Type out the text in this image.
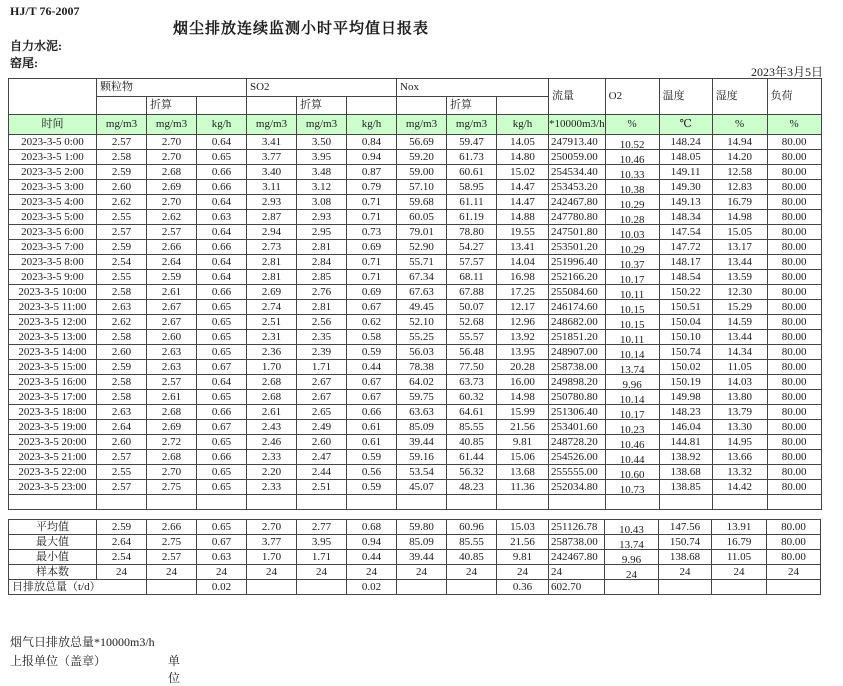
HJ/T 76-2007
烟尘排放连续监测小时平均值日报表
自力水泥:
窑尾:
2023年3月5日
	颗粒物			SO2			Nox			流量	O2	温度	湿度	负荷
		折算			折算			折算						
时间	mg/m3	mg/m3	kg/h	mg/m3	mg/m3	kg/h	mg/m3	mg/m3	kg/h	*10000m3/h	%	℃	%	%
2023-3-5 0:00	2.57	2.70	0.64	3.41	3.50	0.84	56.69	59.47	14.05	247913.40	10.52	148.24	14.94	80.00
2023-3-5 1:00	2.58	2.70	0.65	3.77	3.95	0.94	59.20	61.73	14.80	250059.00	10.46	148.05	14.20	80.00
2023-3-5 2:00	2.59	2.68	0.66	3.40	3.48	0.87	59.00	60.61	15.02	254534.40	10.33	149.11	12.58	80.00
2023-3-5 3:00	2.60	2.69	0.66	3.11	3.12	0.79	57.10	58.95	14.47	253453.20	10.38	149.30	12.83	80.00
2023-3-5 4:00	2.62	2.70	0.64	2.93	3.08	0.71	59.68	61.11	14.47	242467.80	10.29	149.13	16.79	80.00
2023-3-5 5:00	2.55	2.62	0.63	2.87	2.93	0.71	60.05	61.19	14.88	247780.80	10.28	148.34	14.98	80.00
2023-3-5 6:00	2.57	2.57	0.64	2.94	2.95	0.73	79.01	78.80	19.55	247501.80	10.03	147.54	15.05	80.00
2023-3-5 7:00	2.59	2.66	0.66	2.73	2.81	0.69	52.90	54.27	13.41	253501.20	10.29	147.72	13.17	80.00
2023-3-5 8:00	2.54	2.64	0.64	2.81	2.84	0.71	55.71	57.57	14.04	251996.40	10.37	148.17	13.44	80.00
2023-3-5 9:00	2.55	2.59	0.64	2.81	2.85	0.71	67.34	68.11	16.98	252166.20	10.17	148.54	13.59	80.00
2023-3-5 10:00	2.58	2.61	0.66	2.69	2.76	0.69	67.63	67.88	17.25	255084.60	10.11	150.22	12.30	80.00
2023-3-5 11:00	2.63	2.67	0.65	2.74	2.81	0.67	49.45	50.07	12.17	246174.60	10.15	150.51	15.29	80.00
2023-3-5 12:00	2.62	2.67	0.65	2.51	2.56	0.62	52.10	52.68	12.96	248682.00	10.15	150.04	14.59	80.00
2023-3-5 13:00	2.58	2.60	0.65	2.31	2.35	0.58	55.25	55.57	13.92	251851.20	10.11	150.10	13.44	80.00
2023-3-5 14:00	2.60	2.63	0.65	2.36	2.39	0.59	56.03	56.48	13.95	248907.00	10.14	150.74	14.34	80.00
2023-3-5 15:00	2.59	2.63	0.67	1.70	1.71	0.44	78.38	77.50	20.28	258738.00	13.74	150.02	11.05	80.00
2023-3-5 16:00	2.58	2.57	0.64	2.68	2.67	0.67	64.02	63.73	16.00	249898.20	9.96	150.19	14.03	80.00
2023-3-5 17:00	2.58	2.61	0.65	2.68	2.67	0.67	59.75	60.32	14.98	250780.80	10.14	149.98	13.80	80.00
2023-3-5 18:00	2.63	2.68	0.66	2.61	2.65	0.66	63.63	64.61	15.99	251306.40	10.17	148.23	13.79	80.00
2023-3-5 19:00	2.64	2.69	0.67	2.43	2.49	0.61	85.09	85.55	21.56	253401.60	10.23	146.04	13.30	80.00
2023-3-5 20:00	2.60	2.72	0.65	2.46	2.60	0.61	39.44	40.85	9.81	248728.20	10.46	144.81	14.95	80.00
2023-3-5 21:00	2.57	2.68	0.66	2.33	2.47	0.59	59.16	61.44	15.06	254526.00	10.44	138.92	13.66	80.00
2023-3-5 22:00	2.55	2.70	0.65	2.20	2.44	0.56	53.54	56.32	13.68	255555.00	10.60	138.68	13.32	80.00
2023-3-5 23:00	2.57	2.75	0.65	2.33	2.51	0.59	45.07	48.23	11.36	252034.80	10.73	138.85	14.42	80.00

平均值	2.59	2.66	0.65	2.70	2.77	0.68	59.80	60.96	15.03	251126.78	10.43	147.56	13.91	80.00
最大值	2.64	2.75	0.67	3.77	3.95	0.94	85.09	85.55	21.56	258738.00	13.74	150.74	16.79	80.00
最小值	2.54	2.57	0.63	1.70	1.71	0.44	39.44	40.85	9.81	242467.80	9.96	138.68	11.05	80.00
样本数	24	24	24	24	24	24	24	24	24	24	24	24	24	24
日排放总量（t/d）			0.02			0.02			0.36	602.70				
烟气日排放总量*10000m3/h
上报单位（盖章）	单位
